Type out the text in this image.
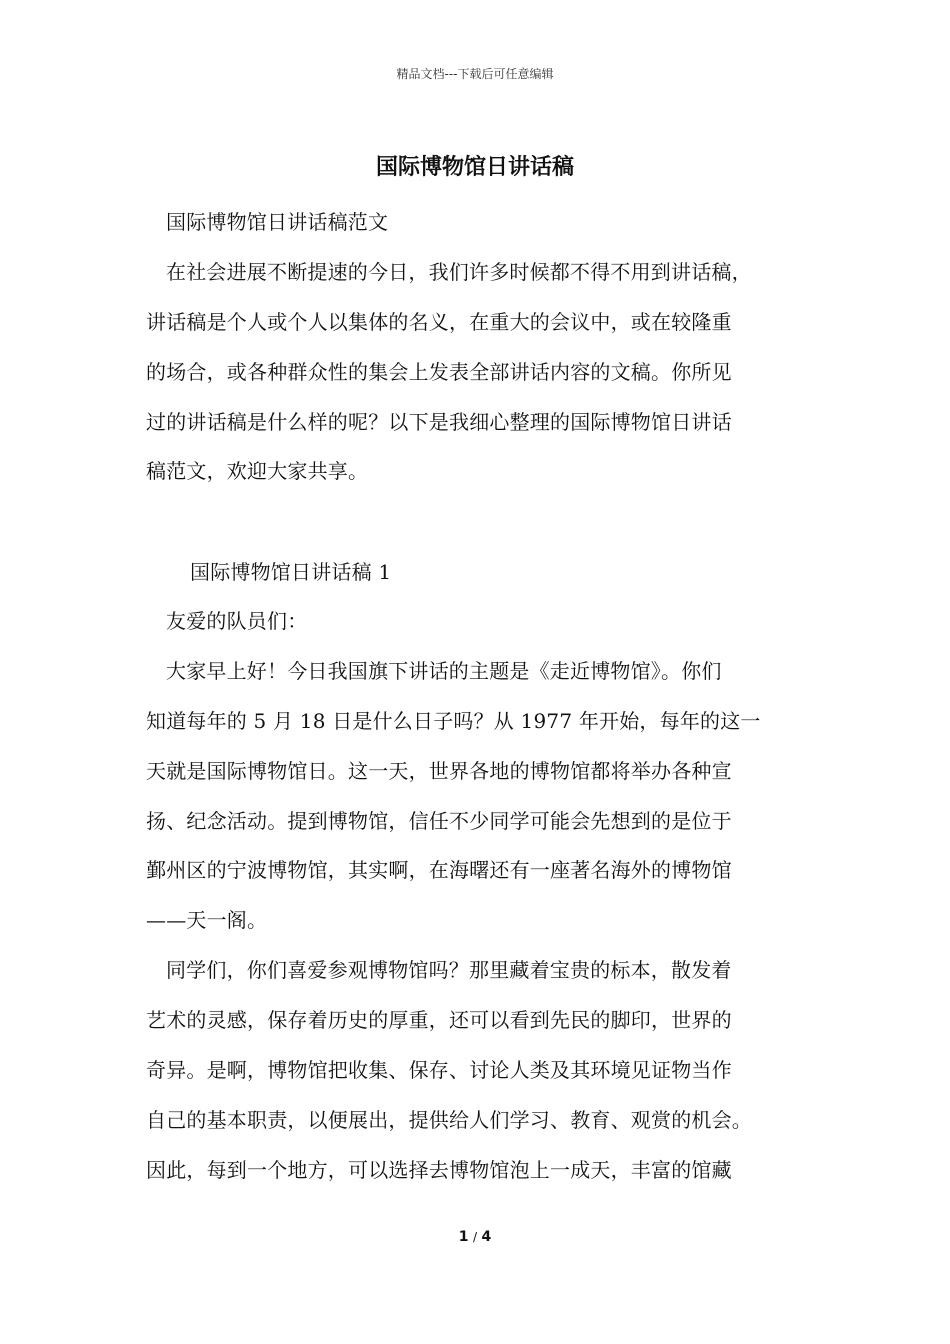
精品文档---下载后可任意编辑
国际博物馆日讲话稿
国际博物馆日讲话稿范文
在社会进展不断提速的今日，我们许多时候都不得不用到讲话稿，
讲话稿是个人或个人以集体的名义，在重大的会议中，或在较隆重
的场合，或各种群众性的集会上发表全部讲话内容的文稿。你所见
过的讲话稿是什么样的呢？以下是我细心整理的国际博物馆日讲话
稿范文，欢迎大家共享。
国际博物馆日讲话稿 1
友爱的队员们：
大家早上好！今日我国旗下讲话的主题是《走近博物馆》。你们
知道每年的 5 月 18 日是什么日子吗？从 1977 年开始，每年的这一
天就是国际博物馆日。这一天，世界各地的博物馆都将举办各种宣
扬、纪念活动。提到博物馆，信任不少同学可能会先想到的是位于
鄞州区的宁波博物馆，其实啊，在海曙还有一座著名海外的博物馆
——天一阁。
同学们，你们喜爱参观博物馆吗？那里藏着宝贵的标本，散发着
艺术的灵感，保存着历史的厚重，还可以看到先民的脚印，世界的
奇异。是啊，博物馆把收集、保存、讨论人类及其环境见证物当作
自己的基本职责，以便展出，提供给人们学习、教育、观赏的机会。
因此，每到一个地方，可以选择去博物馆泡上一成天，丰富的馆藏
1 / 4
